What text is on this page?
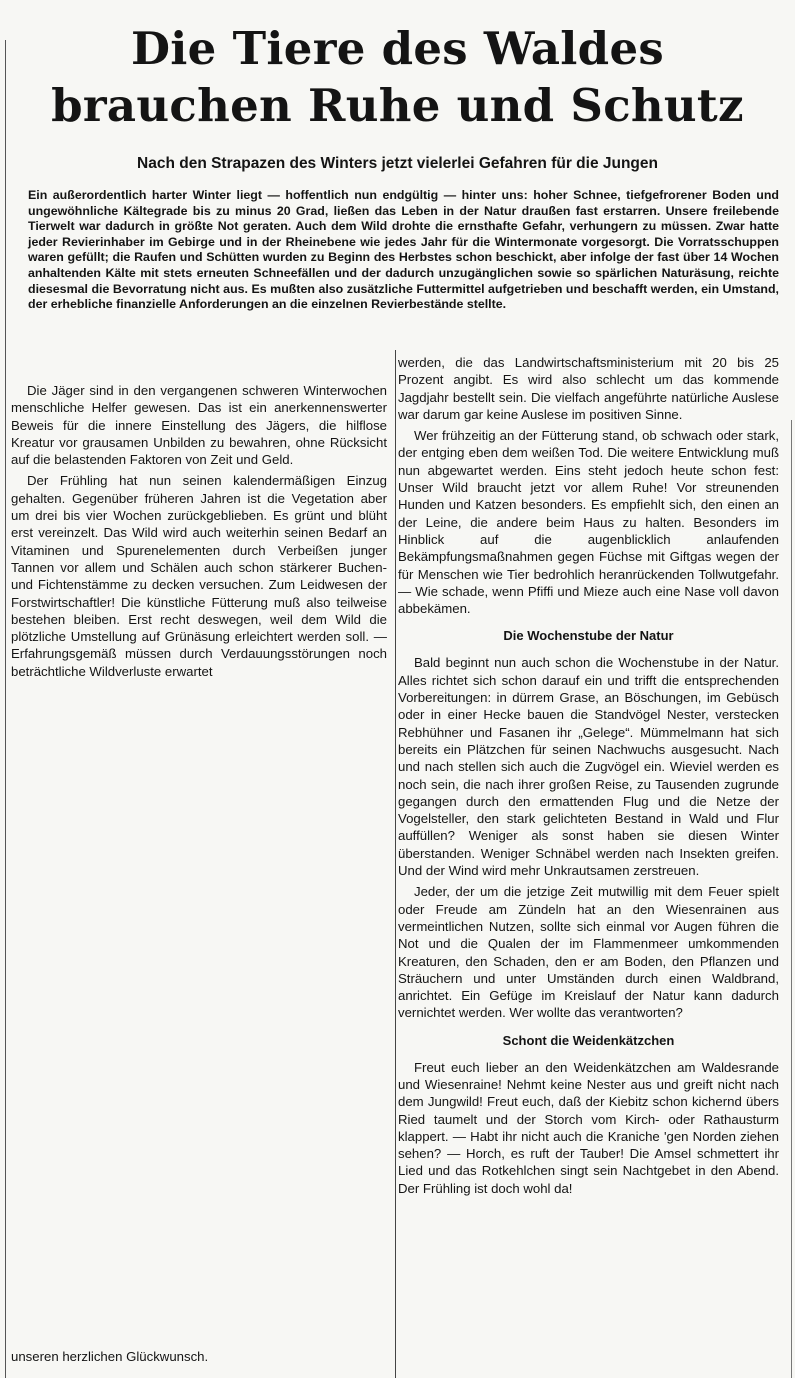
Die Tiere des Waldes brauchen Ruhe und Schutz
Nach den Strapazen des Winters jetzt vielerlei Gefahren für die Jungen
Ein außerordentlich harter Winter liegt — hoffentlich nun endgültig — hinter uns: hoher Schnee, tiefgefrorener Boden und ungewöhnliche Kältegrade bis zu minus 20 Grad, ließen das Leben in der Natur draußen fast erstarren. Unsere freilebende Tierwelt war dadurch in größte Not geraten. Auch dem Wild drohte die ernsthafte Gefahr, verhungern zu müssen. Zwar hatte jeder Revierinhaber im Gebirge und in der Rheinebene wie jedes Jahr für die Wintermonate vorgesorgt. Die Vorratsschuppen waren gefüllt; die Raufen und Schütten wurden zu Beginn des Herbstes schon beschickt, aber infolge der fast über 14 Wochen anhaltenden Kälte mit stets erneuten Schneefällen und der dadurch unzugänglichen sowie so spärlichen Naturäsung, reichte diesesmal die Bevorratung nicht aus. Es mußten also zusätzliche Futtermittel aufgetrieben und beschafft werden, ein Umstand, der erhebliche finanzielle Anforderungen an die einzelnen Revierbestände stellte.

Die Jäger sind in den vergangenen schweren Winterwochen menschliche Helfer gewesen. Das ist ein anerkennenswerter Beweis für die innere Einstellung des Jägers, die hilflose Kreatur vor grausamen Unbilden zu bewahren, ohne Rücksicht auf die belastenden Faktoren von Zeit und Geld.

Der Frühling hat nun seinen kalendermäßigen Einzug gehalten. Gegenüber früheren Jahren ist die Vegetation aber um drei bis vier Wochen zurückgeblieben. Es grünt und blüht erst vereinzelt. Das Wild wird auch weiterhin seinen Bedarf an Vitaminen und Spurenelementen durch Verbeißen junger Tannen vor allem und Schälen auch schon stärkerer Buchen- und Fichtenstämme zu decken versuchen. Zum Leidwesen der Forstwirtschaftler! Die künstliche Fütterung muß also teilweise bestehen bleiben. Erst recht deswegen, weil dem Wild die plötzliche Umstellung auf Grünäsung erleichtert werden soll. — Erfahrungsgemäß müssen durch Verdauungsstörungen noch beträchtliche Wildverluste erwartet

werden, die das Landwirtschaftsministerium mit 20 bis 25 Prozent angibt. Es wird also schlecht um das kommende Jagdjahr bestellt sein. Die vielfach angeführte natürliche Auslese war darum gar keine Auslese im positiven Sinne.

Wer frühzeitig an der Fütterung stand, ob schwach oder stark, der entging eben dem weißen Tod. Die weitere Entwicklung muß nun abgewartet werden. Eins steht jedoch heute schon fest: Unser Wild braucht jetzt vor allem Ruhe! Vor streunenden Hunden und Katzen besonders. Es empfiehlt sich, den einen an der Leine, die andere beim Haus zu halten. Besonders im Hinblick auf die augenblicklich anlaufenden Bekämpfungsmaßnahmen gegen Füchse mit Giftgas wegen der für Menschen wie Tier bedrohlich heranrückenden Tollwutgefahr. — Wie schade, wenn Pfiffi und Mieze auch eine Nase voll davon abbekämen.

Die Wochenstube der Natur

Bald beginnt nun auch schon die Wochenstube in der Natur. Alles richtet sich schon darauf ein und trifft die entsprechenden Vorbereitungen: in dürrem Grase, an Böschungen, im Gebüsch oder in einer Hecke bauen die Standvögel Nester, verstecken Rebhühner und Fasanen ihr „Gelege“. Mümmelmann hat sich bereits ein Plätzchen für seinen Nachwuchs ausgesucht. Nach und nach stellen sich auch die Zugvögel ein. Wieviel werden es noch sein, die nach ihrer großen Reise, zu Tausenden zugrunde gegangen durch den ermattenden Flug und die Netze der Vogelsteller, den stark gelichteten Bestand in Wald und Flur auffüllen? Weniger als sonst haben sie diesen Winter überstanden. Weniger Schnäbel werden nach Insekten greifen. Und der Wind wird mehr Unkrautsamen zerstreuen.

Jeder, der um die jetzige Zeit mutwillig mit dem Feuer spielt oder Freude am Zündeln hat an den Wiesenrainen aus vermeintlichen Nutzen, sollte sich einmal vor Augen führen die Not und die Qualen der im Flammenmeer umkommenden Kreaturen, den Schaden, den er am Boden, den Pflanzen und Sträuchern und unter Umständen durch einen Waldbrand, anrichtet. Ein Gefüge im Kreislauf der Natur kann dadurch vernichtet werden. Wer wollte das verantworten?

Schont die Weidenkätzchen

Freut euch lieber an den Weidenkätzchen am Waldesrande und Wiesenraine! Nehmt keine Nester aus und greift nicht nach dem Jungwild! Freut euch, daß der Kiebitz schon kichernd übers Ried taumelt und der Storch vom Kirch- oder Rathausturm klappert. — Habt ihr nicht auch die Kraniche 'gen Norden ziehen sehen? — Horch, es ruft der Tauber! Die Amsel schmettert ihr Lied und das Rotkehlchen singt sein Nachtgebet in den Abend. Der Frühling ist doch wohl da!

unseren herzlichen Glückwunsch.
